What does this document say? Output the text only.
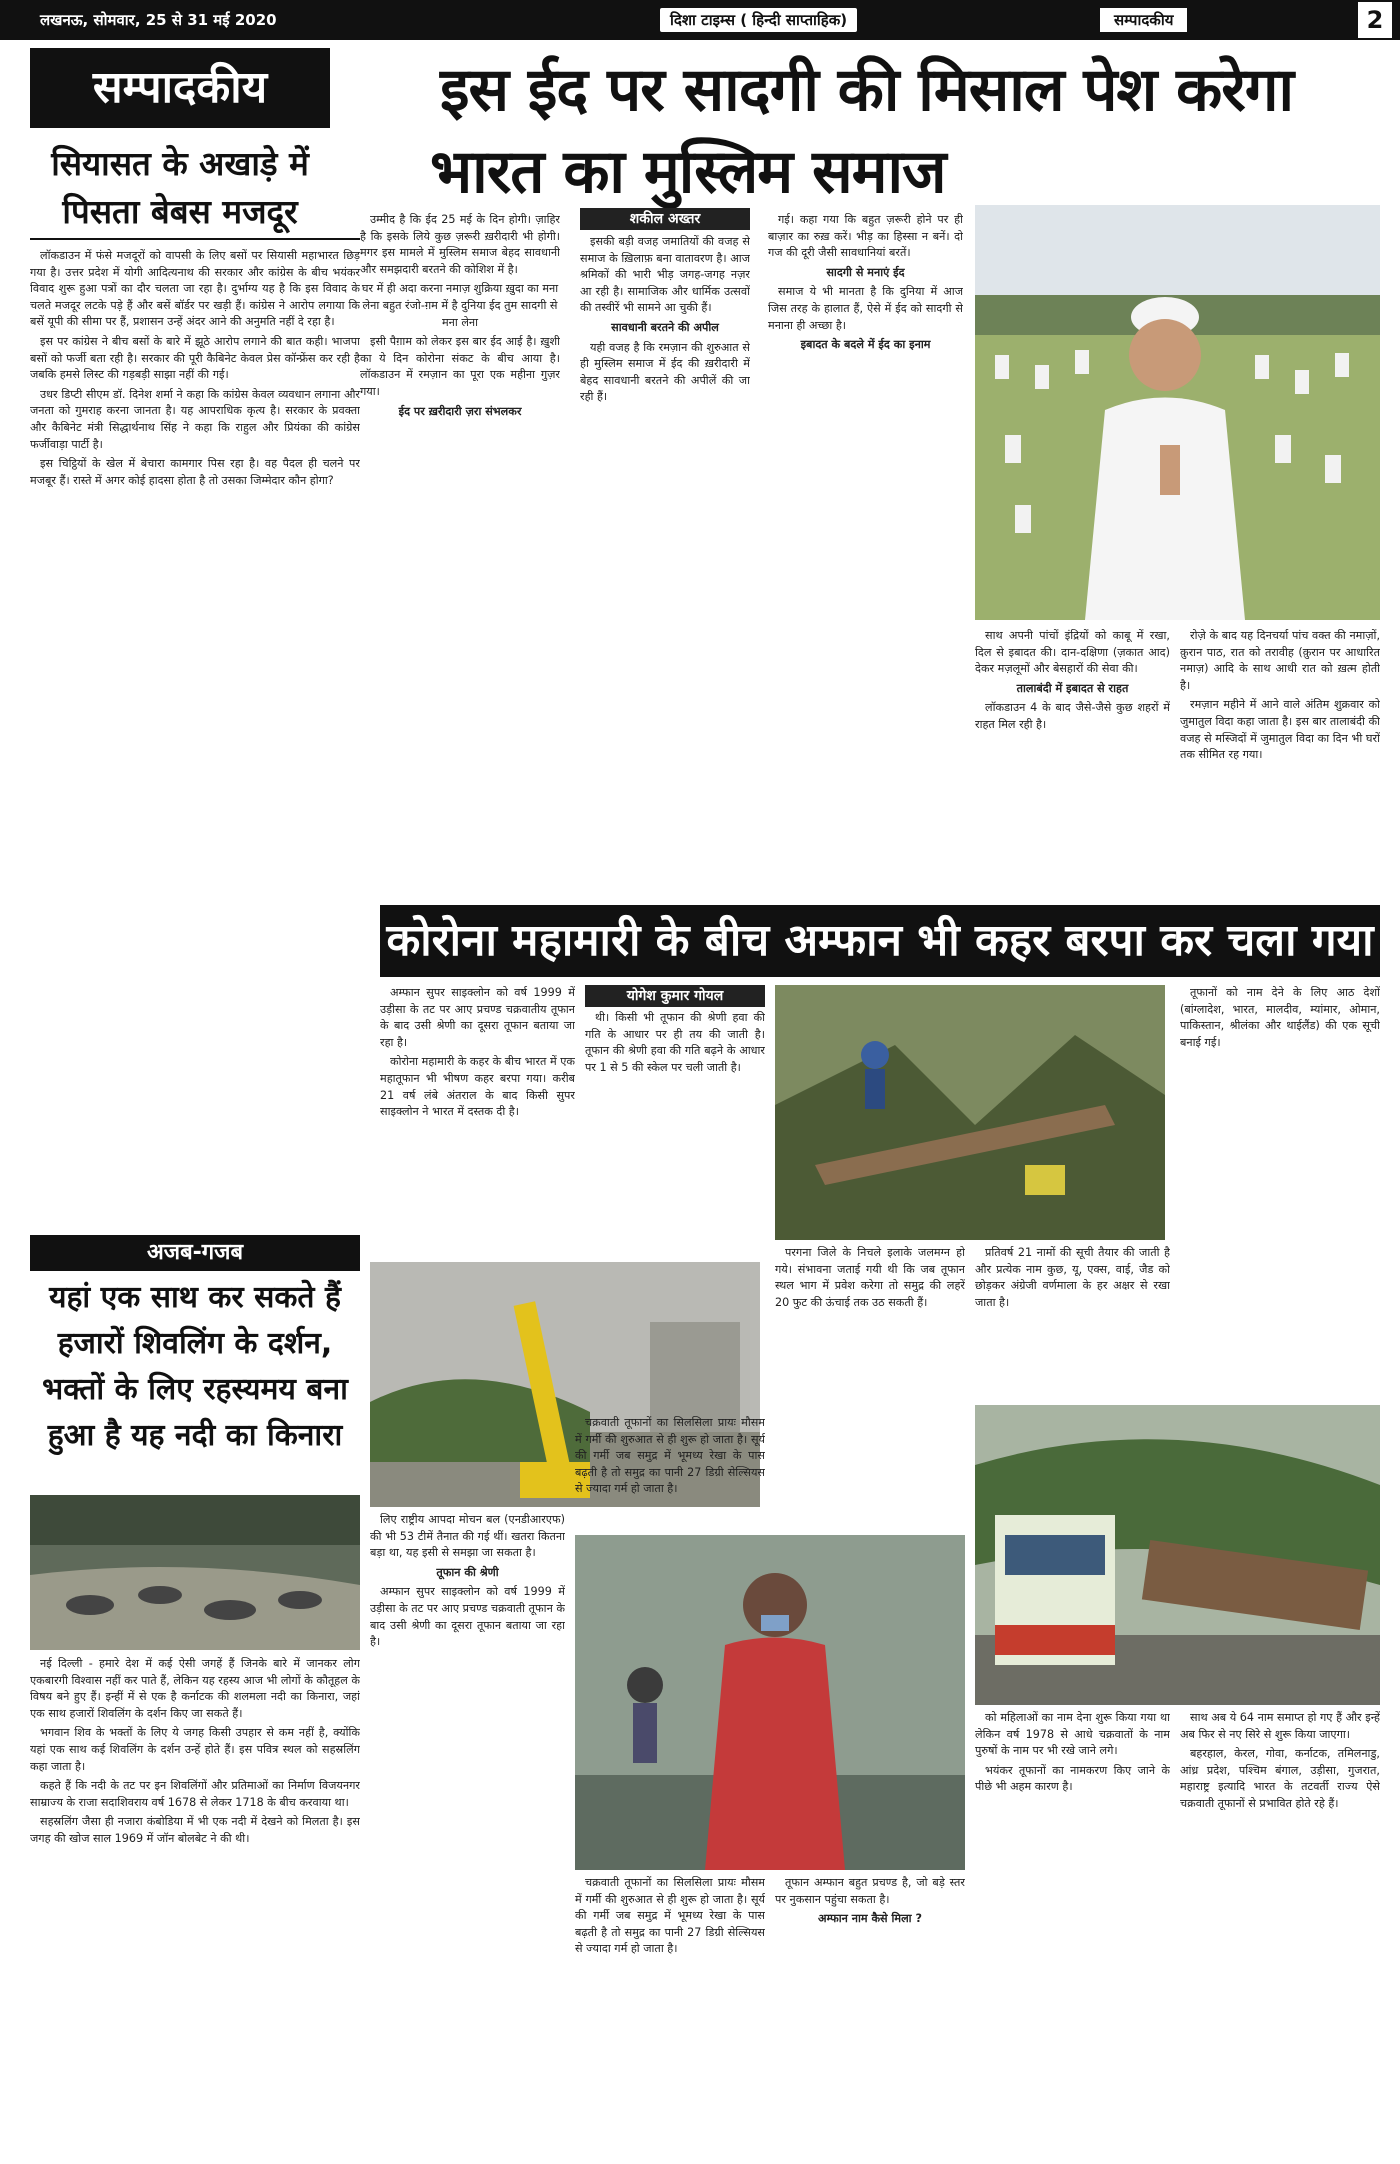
लखनऊ, सोमवार, 25 से 31 मई 2020	दिशा टाइम्स ( हिन्दी साप्ताहिक)	सम्पादकीय	2
सम्पादकीय
सियासत के अखाड़े में पिसता बेबस मजदूर

लॉकडाउन में फंसे मजदूरों को वापसी के लिए बसों पर सियासी महाभारत छिड़ गया है। उत्तर प्रदेश में योगी आदित्यनाथ की सरकार और कांग्रेस के बीच भयंकर विवाद शुरू हुआ पत्रों का दौर चलता जा रहा है। दुर्भाग्य यह है कि इस विवाद के चलते मजदूर लटके पड़े हैं और बसें बॉर्डर पर खड़ी हैं। कांग्रेस ने आरोप लगाया कि बसें यूपी की सीमा पर हैं, प्रशासन उन्हें अंदर आने की अनुमति नहीं दे रहा है।

इस पर कांग्रेस ने बीच बसों के बारे में झूठे आरोप लगाने की बात कही। भाजपा बसों को फर्जी बता रही है। सरकार की पूरी कैबिनेट केवल प्रेस कॉन्फ्रेंस कर रही है जबकि हमसे लिस्ट की गड़बड़ी साझा नहीं की गई।

उधर डिप्टी सीएम डॉ. दिनेश शर्मा ने कहा कि कांग्रेस केवल व्यवधान लगाना और जनता को गुमराह करना जानता है। यह आपराधिक कृत्य है। सरकार के प्रवक्ता और कैबिनेट मंत्री सिद्धार्थनाथ सिंह ने कहा कि राहुल और प्रियंका की कांग्रेस फर्जीवाड़ा पार्टी है।

इस चिट्ठियों के खेल में बेचारा कामगार पिस रहा है। वह पैदल ही चलने पर मजबूर हैं। रास्ते में अगर कोई हादसा होता है तो उसका जिम्मेदार कौन होगा?

इस ईद पर सादगी की मिसाल पेश करेगा
भारत का मुस्लिम समाज

उम्मीद है कि ईद 25 मई के दिन होगी। ज़ाहिर है कि इसके लिये कुछ ज़रूरी ख़रीदारी भी होगी। मगर इस मामले में मुस्लिम समाज बेहद सावधानी और समझदारी बरतने की कोशिश में है।

घर में ही अदा करना नमाज़ शुक्रिया ख़ुदा का मना लेना बहुत रंजो-ग़म में है दुनिया ईद तुम सादगी से मना लेना

इसी पैग़ाम को लेकर इस बार ईद आई है। ख़ुशी का ये दिन कोरोना संकट के बीच आया है। लॉकडाउन में रमज़ान का पूरा एक महीना गुज़र गया।

ईद पर ख़रीदारी ज़रा संभलकर

शकील अख्तर

इसकी बड़ी वजह जमातियों की वजह से समाज के ख़िलाफ़ बना वातावरण है। आज श्रमिकों की भारी भीड़ जगह-जगह नज़र आ रही है। सामाजिक और धार्मिक उत्सवों की तस्वीरें भी सामने आ चुकी हैं।

सावधानी बरतने की अपील

यही वजह है कि रमज़ान की शुरुआत से ही मुस्लिम समाज में ईद की ख़रीदारी में बेहद सावधानी बरतने की अपीलें की जा रही हैं।

गई। कहा गया कि बहुत ज़रूरी होने पर ही बाज़ार का रुख़ करें। भीड़ का हिस्सा न बनें। दो गज की दूरी जैसी सावधानियां बरतें।

सादगी से मनाएं ईद

समाज ये भी मानता है कि दुनिया में आज जिस तरह के हालात हैं, ऐसे में ईद को सादगी से मनाना ही अच्छा है।

इबादत के बदले में ईद का इनाम

साथ अपनी पांचों इंद्रियों को काबू में रखा, दिल से इबादत की। दान-दक्षिणा (ज़कात आद) देकर मज़लूमों और बेसहारों की सेवा की।

तालाबंदी में इबादत से राहत

लॉकडाउन 4 के बाद जैसे-जैसे कुछ शहरों में राहत मिल रही है।

रोज़े के बाद यह दिनचर्या पांच वक्त की नमाज़ों, क़ुरान पाठ, रात को तरावीह (क़ुरान पर आधारित नमाज़) आदि के साथ आधी रात को ख़त्म होती है।

रमज़ान महीने में आने वाले अंतिम शुक्रवार को जुमातुल विदा कहा जाता है। इस बार तालाबंदी की वजह से मस्जिदों में जुमातुल विदा का दिन भी घरों तक सीमित रह गया।

कोरोना महामारी के बीच अम्फान भी कहर बरपा कर चला गया

अम्फान सुपर साइक्लोन को वर्ष 1999 में उड़ीसा के तट पर आए प्रचण्ड चक्रवातीय तूफान के बाद उसी श्रेणी का दूसरा तूफान बताया जा रहा है।

कोरोना महामारी के कहर के बीच भारत में एक महातूफान भी भीषण कहर बरपा गया। करीब 21 वर्ष लंबे अंतराल के बाद किसी सुपर साइक्लोन ने भारत में दस्तक दी है।

योगेश कुमार गोयल

थी। किसी भी तूफान की श्रेणी हवा की गति के आधार पर ही तय की जाती है। तूफान की श्रेणी हवा की गति बढ़ने के आधार पर 1 से 5 की स्केल पर चली जाती है।

लिए राष्ट्रीय आपदा मोचन बल (एनडीआरएफ) की भी 53 टीमें तैनात की गई थीं। खतरा कितना बड़ा था, यह इसी से समझा जा सकता है।

तूफान की श्रेणी

अम्फान सुपर साइक्लोन को वर्ष 1999 में उड़ीसा के तट पर आए प्रचण्ड चक्रवाती तूफान के बाद उसी श्रेणी का दूसरा तूफान बताया जा रहा है।

चक्रवाती तूफानों का सिलसिला प्रायः मौसम में गर्मी की शुरुआत से ही शुरू हो जाता है। सूर्य की गर्मी जब समुद्र में भूमध्य रेखा के पास बढ़ती है तो समुद्र का पानी 27 डिग्री सेल्सियस से ज्यादा गर्म हो जाता है।

चक्रवाती तूफानों का सिलसिला प्रायः मौसम में गर्मी की शुरुआत से ही शुरू हो जाता है। सूर्य की गर्मी जब समुद्र में भूमध्य रेखा के पास बढ़ती है तो समुद्र का पानी 27 डिग्री सेल्सियस से ज्यादा गर्म हो जाता है।

परगना जिले के निचले इलाके जलमग्न हो गये। संभावना जताई गयी थी कि जब तूफान स्थल भाग में प्रवेश करेगा तो समुद्र की लहरें 20 फुट की ऊंचाई तक उठ सकती हैं।

तूफान अम्फान बहुत प्रचण्ड है, जो बड़े स्तर पर नुकसान पहुंचा सकता है।

अम्फान नाम कैसे मिला ?

प्रतिवर्ष 21 नामों की सूची तैयार की जाती है और प्रत्येक नाम कुछ, यू, एक्स, वाई, जैड को छोड़कर अंग्रेजी वर्णमाला के हर अक्षर से रखा जाता है।

को महिलाओं का नाम देना शुरू किया गया था लेकिन वर्ष 1978 से आधे चक्रवातों के नाम पुरुषों के नाम पर भी रखे जाने लगे।

भयंकर तूफानों का नामकरण किए जाने के पीछे भी अहम कारण है।

तूफानों को नाम देने के लिए आठ देशों (बांग्लादेश, भारत, मालदीव, म्यांमार, ओमान, पाकिस्तान, श्रीलंका और थाईलैंड) की एक सूची बनाई गई।

साथ अब ये 64 नाम समाप्त हो गए हैं और इन्हें अब फिर से नए सिरे से शुरू किया जाएगा।

बहरहाल, केरल, गोवा, कर्नाटक, तमिलनाडु, आंध्र प्रदेश, पश्चिम बंगाल, उड़ीसा, गुजरात, महाराष्ट्र इत्यादि भारत के तटवर्ती राज्य ऐसे चक्रवाती तूफानों से प्रभावित होते रहे हैं।

अजब-गजब
यहां एक साथ कर सकते हैं हजारों शिवलिंग के दर्शन, भक्तों के लिए रहस्यमय बना हुआ है यह नदी का किनारा

नई दिल्ली - हमारे देश में कई ऐसी जगहें हैं जिनके बारे में जानकर लोग एकबारगी विश्वास नहीं कर पाते हैं, लेकिन यह रहस्य आज भी लोगों के कौतूहल के विषय बने हुए हैं। इन्हीं में से एक है कर्नाटक की शलमला नदी का किनारा, जहां एक साथ हजारों शिवलिंग के दर्शन किए जा सकते हैं।

भगवान शिव के भक्तों के लिए ये जगह किसी उपहार से कम नहीं है, क्योंकि यहां एक साथ कई शिवलिंग के दर्शन उन्हें होते हैं। इस पवित्र स्थल को सहस्रलिंग कहा जाता है।

कहते हैं कि नदी के तट पर इन शिवलिंगों और प्रतिमाओं का निर्माण विजयनगर साम्राज्य के राजा सदाशिवराय वर्ष 1678 से लेकर 1718 के बीच करवाया था।

सहस्रलिंग जैसा ही नजारा कंबोडिया में भी एक नदी में देखने को मिलता है। इस जगह की खोज साल 1969 में जॉन बोलबेट ने की थी।
